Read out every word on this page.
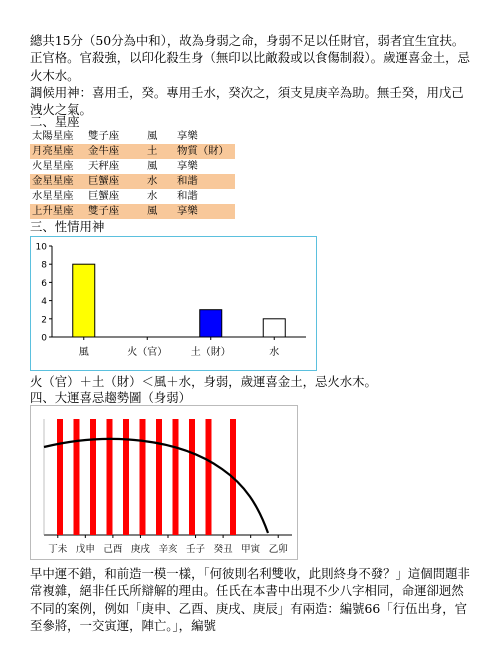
總共15分（50分為中和），故為身弱之命，身弱不足以任財官，弱者宜生宜扶。正官格。官殺強，以印化殺生身（無印以比敵殺或以食傷制殺）。歲運喜金土，忌火木水。

調候用神：喜用壬，癸。專用壬水，癸次之，須支見庚辛為助。無壬癸，用戊己洩火之氣。

二、星座

太陽星座	雙子座	風	享樂
月亮星座	金牛座	土	物質（財）
火星星座	天秤座	風	享樂
金星星座	巨蟹座	水	和諧
水星星座	巨蟹座	水	和諧
上升星座	雙子座	風	享樂

三、性情用神

0
2
4
6
8
10
風	火（官） 土（財）	水

火（官）＋土（財）＜風＋水，身弱，歲運喜金土，忌火水木。

四、大運喜忌趨勢圖（身弱）

丁未 戊申 己酉 庚戌 辛亥 壬子 癸丑 甲寅 乙卯

早中運不錯，和前造一模一樣，「何彼則名利雙收，此則終身不發？」這個問題非常複雜，絕非任氏所辯解的理由。任氏在本書中出現不少八字相同，命運卻迥然不同的案例，例如「庚申、乙酉、庚戌、庚辰」有兩造：編號66「行伍出身，官至參將，一交寅運，陣亡。」，編號
